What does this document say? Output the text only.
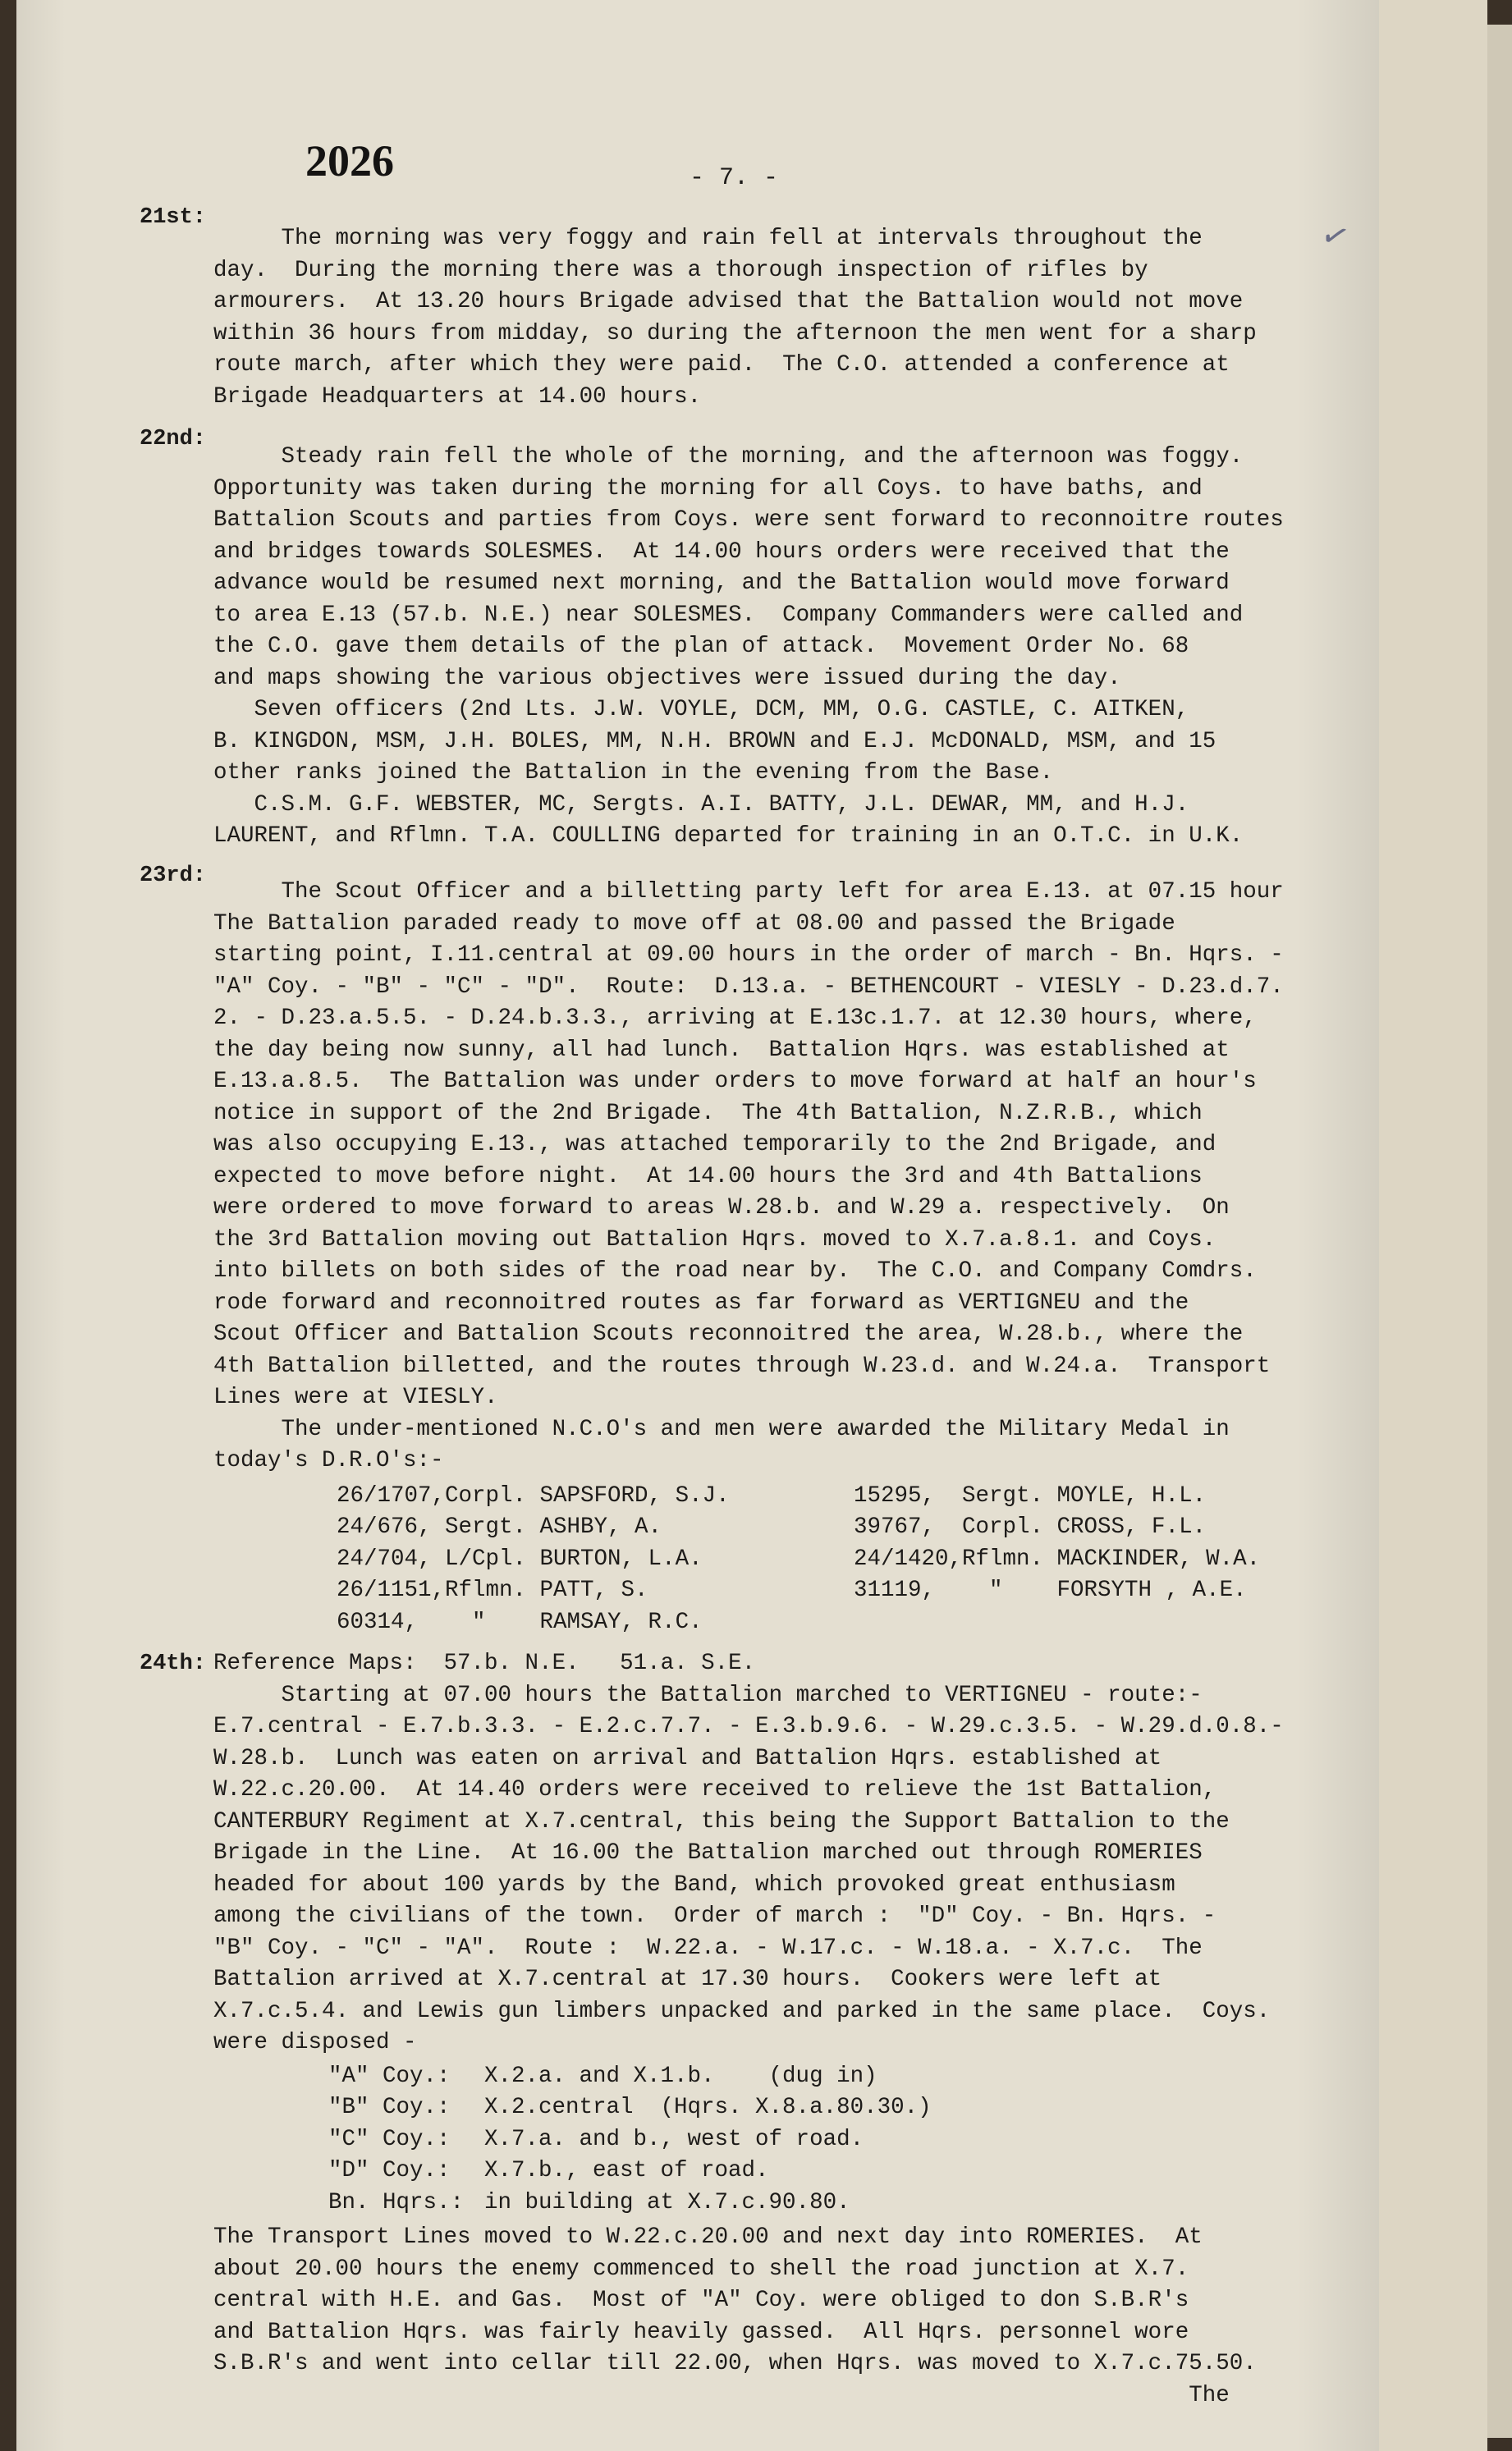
2026	- 7. -
✓
21st:

The morning was very foggy and rain fell at intervals throughout the

day.  During the morning there was a thorough inspection of rifles by

armourers.  At 13.20 hours Brigade advised that the Battalion would not move

within 36 hours from midday, so during the afternoon the men went for a sharp

route march, after which they were paid.  The C.O. attended a conference at

Brigade Headquarters at 14.00 hours.

22nd:

Steady rain fell the whole of the morning, and the afternoon was foggy.

Opportunity was taken during the morning for all Coys. to have baths, and

Battalion Scouts and parties from Coys. were sent forward to reconnoitre routes

and bridges towards SOLESMES.  At 14.00 hours orders were received that the

advance would be resumed next morning, and the Battalion would move forward

to area E.13 (57.b. N.E.) near SOLESMES.  Company Commanders were called and

the C.O. gave them details of the plan of attack.  Movement Order No. 68

and maps showing the various objectives were issued during the day.

Seven officers (2nd Lts. J.W. VOYLE, DCM, MM, O.G. CASTLE, C. AITKEN,

B. KINGDON, MSM, J.H. BOLES, MM, N.H. BROWN and E.J. McDONALD, MSM, and 15

other ranks joined the Battalion in the evening from the Base.

C.S.M. G.F. WEBSTER, MC, Sergts. A.I. BATTY, J.L. DEWAR, MM, and H.J.

LAURENT, and Rflmn. T.A. COULLING departed for training in an O.T.C. in U.K.

23rd:

The Scout Officer and a billetting party left for area E.13. at 07.15 hour

The Battalion paraded ready to move off at 08.00 and passed the Brigade

starting point, I.11.central at 09.00 hours in the order of march - Bn. Hqrs. -

"A" Coy. - "B" - "C" - "D".  Route:  D.13.a. - BETHENCOURT - VIESLY - D.23.d.7.

2. - D.23.a.5.5. - D.24.b.3.3., arriving at E.13c.1.7. at 12.30 hours, where,

the day being now sunny, all had lunch.  Battalion Hqrs. was established at

E.13.a.8.5.  The Battalion was under orders to move forward at half an hour's

notice in support of the 2nd Brigade.  The 4th Battalion, N.Z.R.B., which

was also occupying E.13., was attached temporarily to the 2nd Brigade, and

expected to move before night.  At 14.00 hours the 3rd and 4th Battalions

were ordered to move forward to areas W.28.b. and W.29 a. respectively.  On

the 3rd Battalion moving out Battalion Hqrs. moved to X.7.a.8.1. and Coys.

into billets on both sides of the road near by.  The C.O. and Company Comdrs.

rode forward and reconnoitred routes as far forward as VERTIGNEU and the

Scout Officer and Battalion Scouts reconnoitred the area, W.28.b., where the

4th Battalion billetted, and the routes through W.23.d. and W.24.a.  Transport

Lines were at VIESLY.

The under-mentioned N.C.O's and men were awarded the Military Medal in

today's D.R.O's:-

26/1707,Corpl. SAPSFORD, S.J.	15295,  Sergt. MOYLE, H.L.
24/676, Sergt. ASHBY, A.	39767,  Corpl. CROSS, F.L.
24/704, L/Cpl. BURTON, L.A.	24/1420,Rflmn. MACKINDER, W.A.
26/1151,Rflmn. PATT, S.	31119,    "    FORSYTH , A.E.
60314,    "    RAMSAY, R.C.
24th: Reference Maps:  57.b. N.E.   51.a. S.E.

Starting at 07.00 hours the Battalion marched to VERTIGNEU - route:-

E.7.central - E.7.b.3.3. - E.2.c.7.7. - E.3.b.9.6. - W.29.c.3.5. - W.29.d.0.8.-

W.28.b.  Lunch was eaten on arrival and Battalion Hqrs. established at

W.22.c.20.00.  At 14.40 orders were received to relieve the 1st Battalion,

CANTERBURY Regiment at X.7.central, this being the Support Battalion to the

Brigade in the Line.  At 16.00 the Battalion marched out through ROMERIES

headed for about 100 yards by the Band, which provoked great enthusiasm

among the civilians of the town.  Order of march :  "D" Coy. - Bn. Hqrs. -

"B" Coy. - "C" - "A".  Route :  W.22.a. - W.17.c. - W.18.a. - X.7.c.  The

Battalion arrived at X.7.central at 17.30 hours.  Cookers were left at

X.7.c.5.4. and Lewis gun limbers unpacked and parked in the same place.  Coys.

were disposed -

"A" Coy.:	X.2.a. and X.1.b.    (dug in)
"B" Coy.:	X.2.central  (Hqrs. X.8.a.80.30.)
"C" Coy.:	X.7.a. and b., west of road.
"D" Coy.:	X.7.b., east of road.
Bn. Hqrs.: in building at X.7.c.90.80.

The Transport Lines moved to W.22.c.20.00 and next day into ROMERIES.  At

about 20.00 hours the enemy commenced to shell the road junction at X.7.

central with H.E. and Gas.  Most of "A" Coy. were obliged to don S.B.R's

and Battalion Hqrs. was fairly heavily gassed.  All Hqrs. personnel wore

S.B.R's and went into cellar till 22.00, when Hqrs. was moved to X.7.c.75.50.

The
